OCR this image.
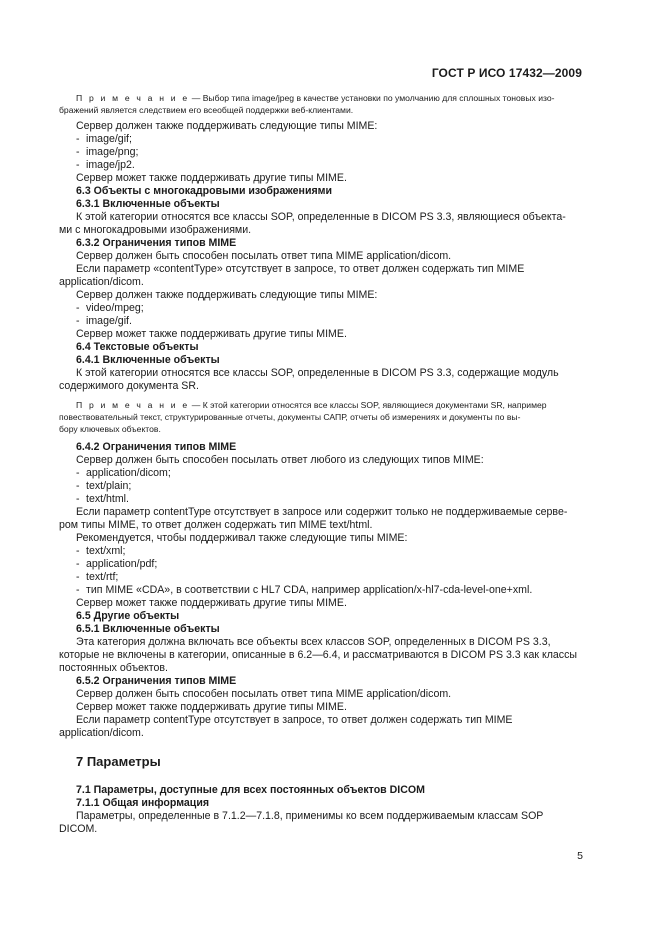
ГОСТ Р ИСО 17432—2009

П р и м е ч а н и е — Выбор типа image/jpeg в качестве установки по умолчанию для сплошных тоновых изо-

бражений является следствием его всеобщей поддержки веб-клиентами.

Сервер должен также поддерживать следующие типы MIME:

- image/gif;

- image/png;

- image/jp2.

Сервер может также поддерживать другие типы MIME.

6.3 Объекты с многокадровыми изображениями

6.3.1 Включенные объекты

К этой категории относятся все классы SOP, определенные в DICOM PS 3.3, являющиеся объекта-

ми с многокадровыми изображениями.

6.3.2 Ограничения типов MIME

Сервер должен быть способен посылать ответ типа MIME application/dicom.

Если параметр «contentType» отсутствует в запросе, то ответ должен содержать тип MIME

application/dicom.

Сервер должен также поддерживать следующие типы MIME:

- video/mpeg;

- image/gif.

Сервер может также поддерживать другие типы MIME.

6.4 Текстовые объекты

6.4.1 Включенные объекты

К этой категории относятся все классы SOP, определенные в DICOM PS 3.3, содержащие модуль

содержимого документа SR.

П р и м е ч а н и е — К этой категории относятся все классы SOP, являющиеся документами SR, например

повествовательный текст, структурированные отчеты, документы САПР, отчеты об измерениях и документы по вы-

бору ключевых объектов.

6.4.2 Ограничения типов MIME

Сервер должен быть способен посылать ответ любого из следующих типов MIME:

- application/dicom;

- text/plain;

- text/html.

Если параметр contentType отсутствует в запросе или содержит только не поддерживаемые серве-

ром типы MIME, то ответ должен содержать тип MIME text/html.

Рекомендуется, чтобы поддерживал также следующие типы MIME:

- text/xml;

- application/pdf;

- text/rtf;

- тип MIME «CDA», в соответствии с HL7 CDA, например application/x-hl7-cda-level-one+xml.

Сервер может также поддерживать другие типы MIME.

6.5 Другие объекты

6.5.1 Включенные объекты

Эта категория должна включать все объекты всех классов SOP, определенных в DICOM PS 3.3,

которые не включены в категории, описанные в 6.2—6.4, и рассматриваются в DICOM PS 3.3 как классы

постоянных объектов.

6.5.2 Ограничения типов MIME

Сервер должен быть способен посылать ответ типа MIME application/dicom.

Сервер может также поддерживать другие типы MIME.

Если параметр contentType отсутствует в запросе, то ответ должен содержать тип MIME

application/dicom.

7 Параметры

7.1 Параметры, доступные для всех постоянных объектов DICOM

7.1.1 Общая информация

Параметры, определенные в 7.1.2—7.1.8, применимы ко всем поддерживаемым классам SOP

DICOM.

5
